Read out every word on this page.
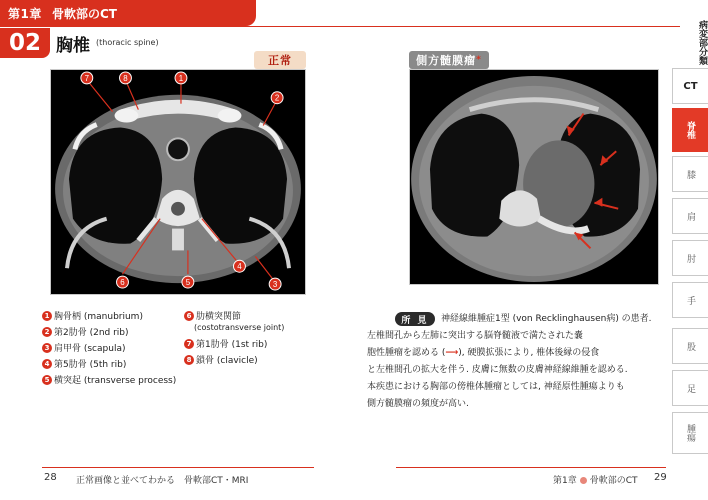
第1章 骨軟部のCT
02 胸椎 (thoracic spine)
正常
7	8	1
2
3
4
5
6
側方髄膜瘤 *
1 胸骨柄 (manubrium)
2 第2肋骨 (2nd rib)
3 肩甲骨 (scapula)
4 第5肋骨 (5th rib)
5 横突起 (transverse process)
6 肋横突関節
(costotransverse joint)
7 第1肋骨 (1st rib)
8 鎖骨 (clavicle)
所 見	神経線維腫症1型 (von Recklinghausen病) の患者.
左椎間孔から左肺に突出する脳脊髄液で満たされた嚢
胞性腫瘤を認める (⟶), 硬膜拡張により, 椎体後縁の侵食
と左椎間孔の拡大を伴う. 皮膚に無数の皮膚神経線維腫を認める.
本疾患における胸部の傍椎体腫瘤としては, 神経原性腫瘍よりも
側方髄膜瘤の頻度が高い.
28 正常画像と並べてわかる　骨軟部CT・MRI	第1章 骨軟部のCT 29
病変部分類
CT
脊椎
膝
肩
肘
手
股
足
腫瘍
